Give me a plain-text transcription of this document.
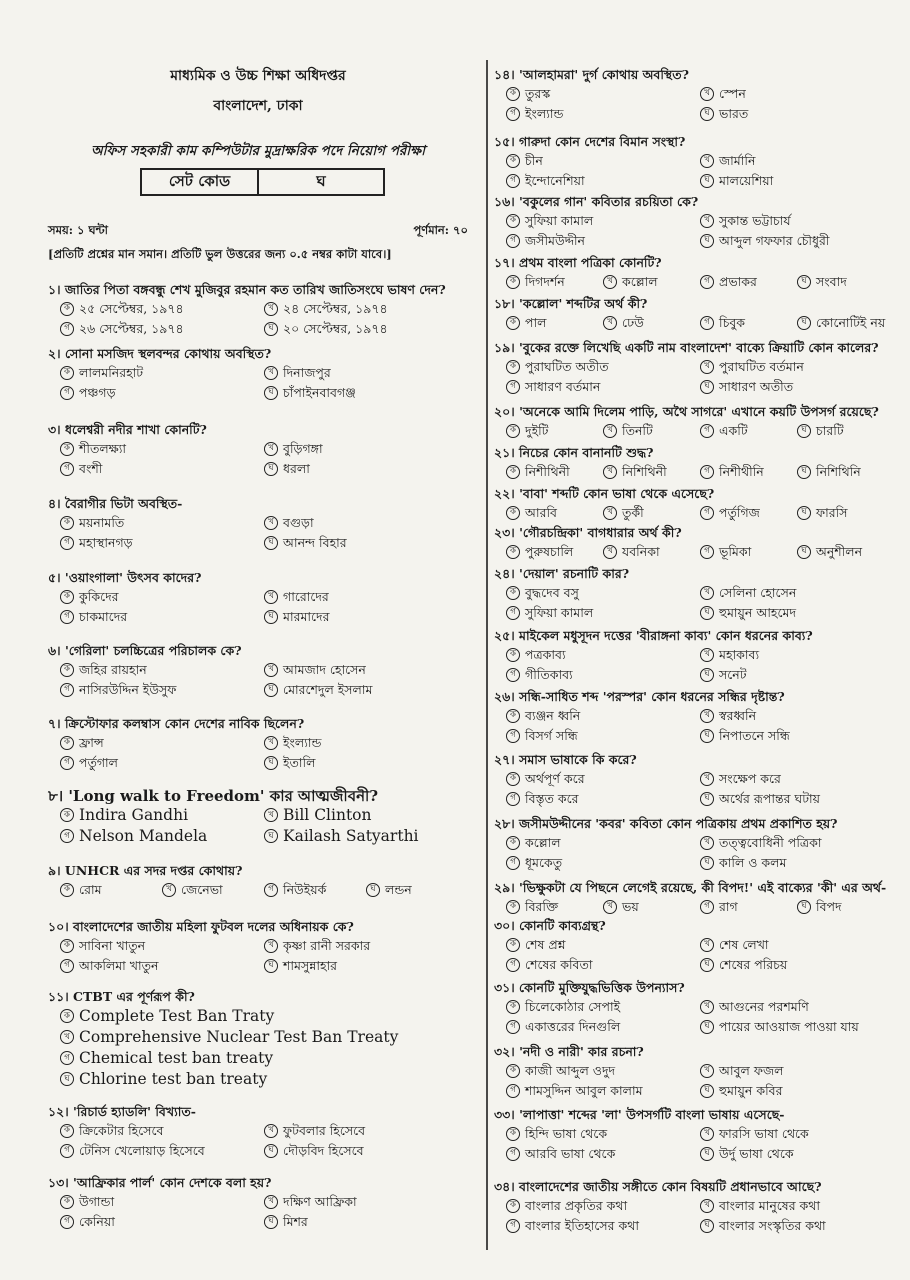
মাধ্যমিক ও উচ্চ শিক্ষা অধিদপ্তর
বাংলাদেশ, ঢাকা
অফিস সহকারী কাম কম্পিউটার মুদ্রাক্ষরিক পদে নিয়োগ পরীক্ষা
সেট কোড	ঘ
সময়: ১ ঘন্টা	পূর্ণমান: ৭০
[প্রতিটি প্রশ্নের মান সমান। প্রতিটি ভুল উত্তরের জন্য ০.৫ নম্বর কাটা যাবে।]
১। জাতির পিতা বঙ্গবন্ধু শেখ মুজিবুর রহমান কত তারিখ জাতিসংঘে ভাষণ দেন?
ক ২৫ সেপ্টেম্বর, ১৯৭৪	খ ২৪ সেপ্টেম্বর, ১৯৭৪
গ ২৬ সেপ্টেম্বর, ১৯৭৪	ঘ ২০ সেপ্টেম্বর, ১৯৭৪
২। সোনা মসজিদ স্থলবন্দর কোথায় অবস্থিত?
ক লালমনিরহাট	খ দিনাজপুর
গ পঞ্চগড়	ঘ চাঁপাইনবাবগঞ্জ
৩। ধলেশ্বরী নদীর শাখা কোনটি?
ক শীতলক্ষ্যা	খ বুড়িগঙ্গা
গ বংশী	ঘ ধরলা
৪। বৈরাগীর ভিটা অবস্থিত-
ক ময়নামতি	খ বগুড়া
গ মহাস্থানগড়	ঘ আনন্দ বিহার
৫। 'ওয়াংগালা' উৎসব কাদের?
ক কুকিদের	খ গারোদের
গ চাকমাদের	ঘ মারমাদের
৬। 'গেরিলা' চলচ্চিত্রের পরিচালক কে?
ক জহির রায়হান	খ আমজাদ হোসেন
গ নাসিরউদ্দিন ইউসুফ	ঘ মোরশেদুল ইসলাম
৭। ক্রিস্টোফার কলম্বাস কোন দেশের নাবিক ছিলেন?
ক ফ্রান্স	খ ইংল্যান্ড
গ পর্তুগাল	ঘ ইতালি
৮। 'Long walk to Freedom' কার আত্মজীবনী?
ক Indira Gandhi	খ Bill Clinton
গ Nelson Mandela	ঘ Kailash Satyarthi
৯। UNHCR এর সদর দপ্তর কোথায়?
ক রোম	খ জেনেভা	গ নিউইয়র্ক	ঘ লন্ডন
১০। বাংলাদেশের জাতীয় মহিলা ফুটবল দলের অধিনায়ক কে?
ক সাবিনা খাতুন	খ কৃষ্ণা রানী সরকার
গ আকলিমা খাতুন	ঘ শামসুন্নাহার
১১। CTBT এর পূর্ণরূপ কী?
ক Complete Test Ban Traty
খ Comprehensive Nuclear Test Ban Treaty
গ Chemical test ban treaty
ঘ Chlorine test ban treaty
১২। 'রিচার্ড হ্যাডলি' বিখ্যাত-
ক ক্রিকেটার হিসেবে	খ ফুটবলার হিসেবে
গ টেনিস খেলোয়াড় হিসেবে	ঘ দৌড়বিদ হিসেবে
১৩। 'আফ্রিকার পার্ল' কোন দেশকে বলা হয়?
ক উগান্ডা	খ দক্ষিণ আফ্রিকা
গ কেনিয়া	ঘ মিশর
১৪। 'আলহামরা' দুর্গ কোথায় অবস্থিত?
ক তুরস্ক	খ স্পেন
গ ইংল্যান্ড	ঘ ভারত
১৫। গারুদা কোন দেশের বিমান সংস্থা?
ক চীন	খ জার্মানি
গ ইন্দোনেশিয়া	ঘ মালয়েশিয়া
১৬। 'বকুলের গান' কবিতার রচয়িতা কে?
ক সুফিয়া কামাল	খ সুকান্ত ভট্টাচার্য
গ জসীমউদ্দীন	ঘ আব্দুল গফফার চৌধুরী
১৭। প্রথম বাংলা পত্রিকা কোনটি?
ক দিগদর্শন	খ কল্লোল	গ প্রভাকর	ঘ সংবাদ
১৮। 'কল্লোল' শব্দটির অর্থ কী?
ক পাল	খ ঢেউ	গ চিবুক	ঘ কোনোটিই নয়
১৯। 'বুকের রক্তে লিখেছি একটি নাম বাংলাদেশ' বাক্যে ক্রিয়াটি কোন কালের?
ক পুরাঘটিত অতীত	খ পুরাঘটিত বর্তমান
গ সাধারণ বর্তমান	ঘ সাধারণ অতীত
২০। 'অনেকে আমি দিলেম পাড়ি, অথৈ সাগরে' এখানে কয়টি উপসর্গ রয়েছে?
ক দুইটি	খ তিনটি	গ একটি	ঘ চারটি
২১। নিচের কোন বানানটি শুদ্ধ?
ক নিশীথিনী	খ নিশিথিনী	গ নিশীথীনি	ঘ নিশিথিনি
২২। 'বাবা' শব্দটি কোন ভাষা থেকে এসেছে?
ক আরবি	খ তুর্কী	গ পর্তুগিজ	ঘ ফারসি
২৩। 'গৌরচন্দ্রিকা' বাগধারার অর্থ কী?
ক পুরুষচালি	খ যবনিকা	গ ভূমিকা	ঘ অনুশীলন
২৪। 'দেয়াল' রচনাটি কার?
ক বুদ্ধদেব বসু	খ সেলিনা হোসেন
গ সুফিয়া কামাল	ঘ হুমায়ুন আহমেদ
২৫। মাইকেল মধুসূদন দত্তের 'বীরাঙ্গনা কাব্য' কোন ধরনের কাব্য?
ক পত্রকাব্য	খ মহাকাব্য
গ গীতিকাব্য	ঘ সনেট
২৬। সন্ধি-সাধিত শব্দ 'পরস্পর' কোন ধরনের সন্ধির দৃষ্টান্ত?
ক ব্যঞ্জন ধ্বনি	খ স্বরধ্বনি
গ বিসর্গ সন্ধি	ঘ নিপাতনে সন্ধি
২৭। সমাস ভাষাকে কি করে?
ক অর্থপূর্ণ করে	খ সংক্ষেপ করে
গ বিস্তৃত করে	ঘ অর্থের রূপান্তর ঘটায়
২৮। জসীমউদ্দীনের 'কবর' কবিতা কোন পত্রিকায় প্রথম প্রকাশিত হয়?
ক কল্লোল	খ তত্ত্ববোধিনী পত্রিকা
গ ধূমকেতু	ঘ কালি ও কলম
২৯। 'ভিক্ষুকটা যে পিছনে লেগেই রয়েছে, কী বিপদ!' এই বাক্যের 'কী' এর অর্থ-
ক বিরক্তি	খ ভয়	গ রাগ	ঘ বিপদ
৩০। কোনটি কাব্যগ্রন্থ?
ক শেষ প্রশ্ন	খ শেষ লেখা
গ শেষের কবিতা	ঘ শেষের পরিচয়
৩১। কোনটি মুক্তিযুদ্ধভিত্তিক উপন্যাস?
ক চিলেকোঠার সেপাই	খ আগুনের পরশমণি
গ একাত্তরের দিনগুলি	ঘ পায়ের আওয়াজ পাওয়া যায়
৩২। 'নদী ও নারী' কার রচনা?
ক কাজী আব্দুল ওদুদ	খ আবুল ফজল
গ শামসুদ্দিন আবুল কালাম	ঘ হুমায়ুন কবির
৩৩। 'লাপাত্তা' শব্দের 'লা' উপসর্গটি বাংলা ভাষায় এসেছে-
ক হিন্দি ভাষা থেকে	খ ফারসি ভাষা থেকে
গ আরবি ভাষা থেকে	ঘ উর্দু ভাষা থেকে
৩৪। বাংলাদেশের জাতীয় সঙ্গীতে কোন বিষয়টি প্রধানভাবে আছে?
ক বাংলার প্রকৃতির কথা	খ বাংলার মানুষের কথা
গ বাংলার ইতিহাসের কথা	ঘ বাংলার সংস্কৃতির কথা
